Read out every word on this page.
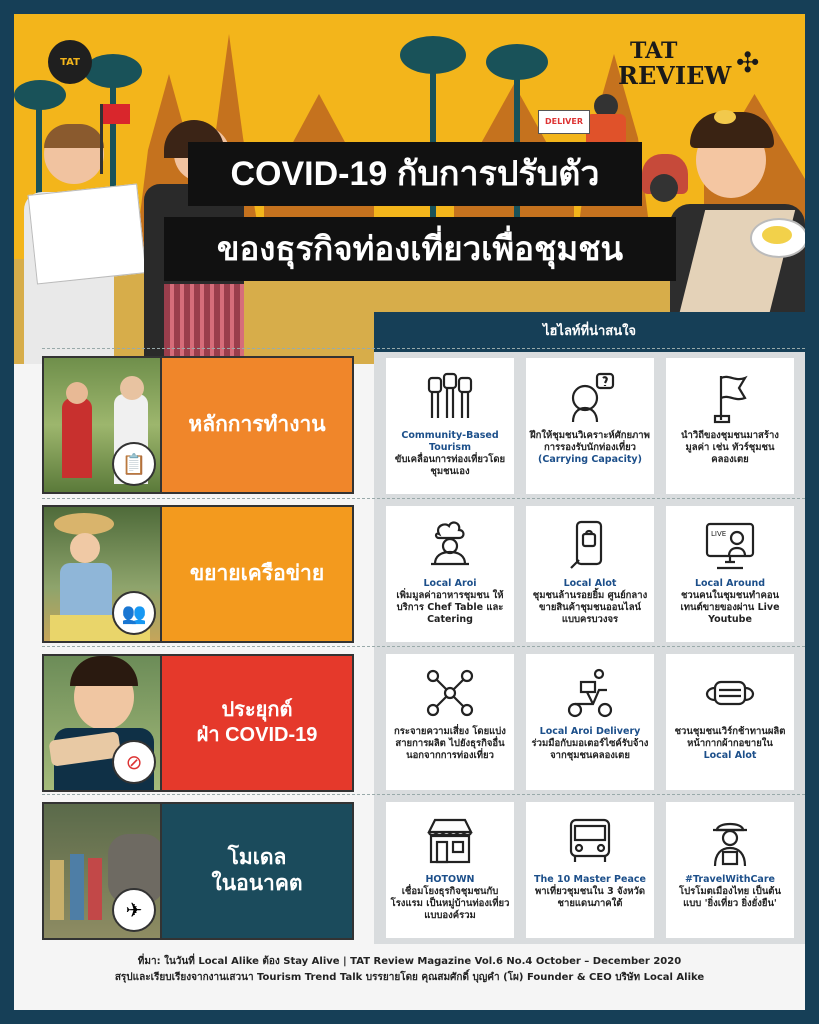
DELIVER
TAT	TAT
REVIEW ✣
COVID-19 กับการปรับตัว
ของธุรกิจท่องเที่ยวเพื่อชุมชน
ไฮไลท์ที่น่าสนใจ
📋
หลักการทำงาน
👥
ขยายเครือข่าย
⊘
ประยุกต์
ฝ่า COVID-19
✈
โมเดล
ในอนาคต
Community-Based Tourism
ขับเคลื่อนการท่องเที่ยวโดยชุมชนเอง
ฝึกให้ชุมชนวิเคราะห์ศักยภาพการรองรับนักท่องเที่ยว
(Carrying Capacity)
นำวิถีของชุมชนมาสร้างมูลค่า เช่น ทัวร์ชุมชนคลองเตย
Local Aroi
เพิ่มมูลค่าอาหารชุมชน ให้บริการ Chef Table และ Catering
Local Alot
ชุมชนล้านรอยยิ้ม ศูนย์กลางขายสินค้าชุมชนออนไลน์แบบครบวงจร
LIVE
Local Around
ชวนคนในชุมชนทำคอนเทนต์ขายของผ่าน Live Youtube
กระจายความเสี่ยง โดยแบ่งสายการผลิต ไปยังธุรกิจอื่น นอกจากการท่องเที่ยว
Local Aroi Delivery
ร่วมมือกับมอเตอร์ไซค์รับจ้างจากชุมชนคลองเตย
ชวนชุมชนเวิร์กช้าทานผลิตหน้ากากผ้ากอขายใน
Local Alot
HOTOWN
เชื่อมโยงธุรกิจชุมชนกับโรงแรม เป็นหมู่บ้านท่องเที่ยวแบบองค์รวม
The 10 Master Peace
พาเที่ยวชุมชนใน 3 จังหวัดชายแดนภาคใต้
#TravelWithCare
โปรโมตเมืองไทย เป็นต้นแบบ 'ยิ่งเที่ยว ยิ่งยั่งยืน'
ที่มา: ในวันที่ Local Alike ต้อง Stay Alive | TAT Review Magazine Vol.6 No.4 October – December 2020
สรุปและเรียบเรียงจากงานเสวนา Tourism Trend Talk บรรยายโดย คุณสมศักดิ์ บุญคำ (โผ) Founder & CEO บริษัท Local Alike
